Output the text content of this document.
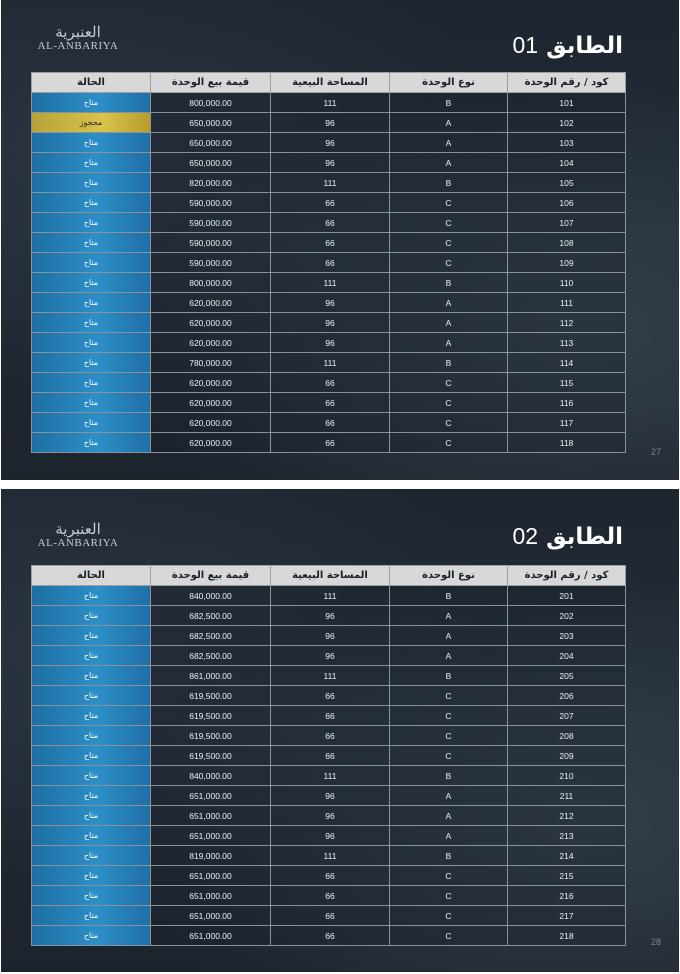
العنبرية
AL-ANBARIYA	الطابق 01
كود / رقم الوحدة	نوع الوحدة	المساحة البيعية	قيمة بيع الوحدة	الحالة
101	B	111	800,000.00	متاح
102	A	96	650,000.00	محجوز
103	A	96	650,000.00	متاح
104	A	96	650,000.00	متاح
105	B	111	820,000.00	متاح
106	C	66	590,000.00	متاح
107	C	66	590,000.00	متاح
108	C	66	590,000.00	متاح
109	C	66	590,000.00	متاح
110	B	111	800,000.00	متاح
111	A	96	620,000.00	متاح
112	A	96	620,000.00	متاح
113	A	96	620,000.00	متاح
114	B	111	780,000.00	متاح
115	C	66	620,000.00	متاح
116	C	66	620,000.00	متاح
117	C	66	620,000.00	متاح
118	C	66	620,000.00	متاح
27
العنبرية
AL-ANBARIYA	الطابق 02
كود / رقم الوحدة	نوع الوحدة	المساحة البيعية	قيمة بيع الوحدة	الحالة
201	B	111	840,000.00	متاح
202	A	96	682,500.00	متاح
203	A	96	682,500.00	متاح
204	A	96	682,500.00	متاح
205	B	111	861,000.00	متاح
206	C	66	619,500.00	متاح
207	C	66	619,500.00	متاح
208	C	66	619,500.00	متاح
209	C	66	619,500.00	متاح
210	B	111	840,000.00	متاح
211	A	96	651,000.00	متاح
212	A	96	651,000.00	متاح
213	A	96	651,000.00	متاح
214	B	111	819,000.00	متاح
215	C	66	651,000.00	متاح
216	C	66	651,000.00	متاح
217	C	66	651,000.00	متاح
218	C	66	651,000.00	متاح
28
